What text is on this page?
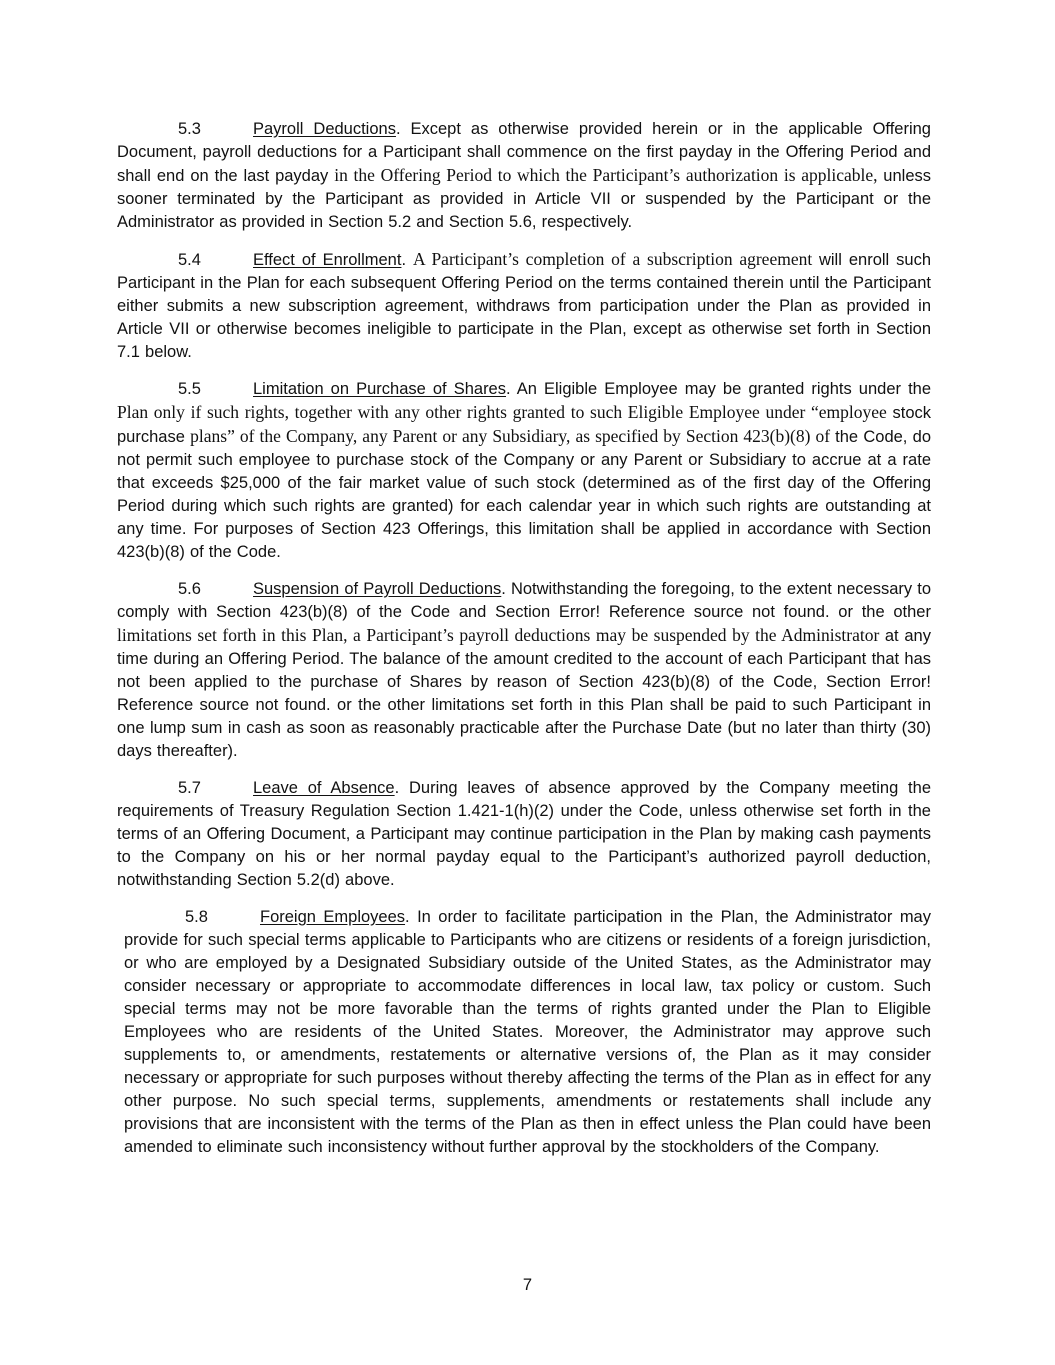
5.3	Payroll Deductions. Except as otherwise provided herein or in the applicable Offering Document, payroll deductions for a Participant shall commence on the first payday in the Offering Period and shall end on the last payday in the Offering Period to which the Participant’s authorization is applicable, unless sooner terminated by the Participant as provided in Article VII or suspended by the Participant or the Administrator as provided in Section 5.2 and Section 5.6, respectively.

5.4	Effect of Enrollment. A Participant’s completion of a subscription agreement will enroll such Participant in the Plan for each subsequent Offering Period on the terms contained therein until the Participant either submits a new subscription agreement, withdraws from participation under the Plan as provided in Article VII or otherwise becomes ineligible to participate in the Plan, except as otherwise set forth in Section 7.1 below.

5.5	Limitation on Purchase of Shares. An Eligible Employee may be granted rights under the Plan only if such rights, together with any other rights granted to such Eligible Employee under “employee stock purchase plans” of the Company, any Parent or any Subsidiary, as specified by Section 423(b)(8) of the Code, do not permit such employee to purchase stock of the Company or any Parent or Subsidiary to accrue at a rate that exceeds $25,000 of the fair market value of such stock (determined as of the first day of the Offering Period during which such rights are granted) for each calendar year in which such rights are outstanding at any time. For purposes of Section 423 Offerings, this limitation shall be applied in accordance with Section 423(b)(8) of the Code.

5.6	Suspension of Payroll Deductions. Notwithstanding the foregoing, to the extent necessary to comply with Section 423(b)(8) of the Code and Section Error! Reference source not found. or the other limitations set forth in this Plan, a Participant’s payroll deductions may be suspended by the Administrator at any time during an Offering Period. The balance of the amount credited to the account of each Participant that has not been applied to the purchase of Shares by reason of Section 423(b)(8) of the Code, Section Error! Reference source not found. or the other limitations set forth in this Plan shall be paid to such Participant in one lump sum in cash as soon as reasonably practicable after the Purchase Date (but no later than thirty (30) days thereafter).

5.7	Leave of Absence. During leaves of absence approved by the Company meeting the requirements of Treasury Regulation Section 1.421-1(h)(2) under the Code, unless otherwise set forth in the terms of an Offering Document, a Participant may continue participation in the Plan by making cash payments to the Company on his or her normal payday equal to the Participant’s authorized payroll deduction, notwithstanding Section 5.2(d) above.

5.8	Foreign Employees. In order to facilitate participation in the Plan, the Administrator may provide for such special terms applicable to Participants who are citizens or residents of a foreign jurisdiction, or who are employed by a Designated Subsidiary outside of the United States, as the Administrator may consider necessary or appropriate to accommodate differences in local law, tax policy or custom. Such special terms may not be more favorable than the terms of rights granted under the Plan to Eligible Employees who are residents of the United States. Moreover, the Administrator may approve such supplements to, or amendments, restatements or alternative versions of, the Plan as it may consider necessary or appropriate for such purposes without thereby affecting the terms of the Plan as in effect for any other purpose. No such special terms, supplements, amendments or restatements shall include any provisions that are inconsistent with the terms of the Plan as then in effect unless the Plan could have been amended to eliminate such inconsistency without further approval by the stockholders of the Company.

7
